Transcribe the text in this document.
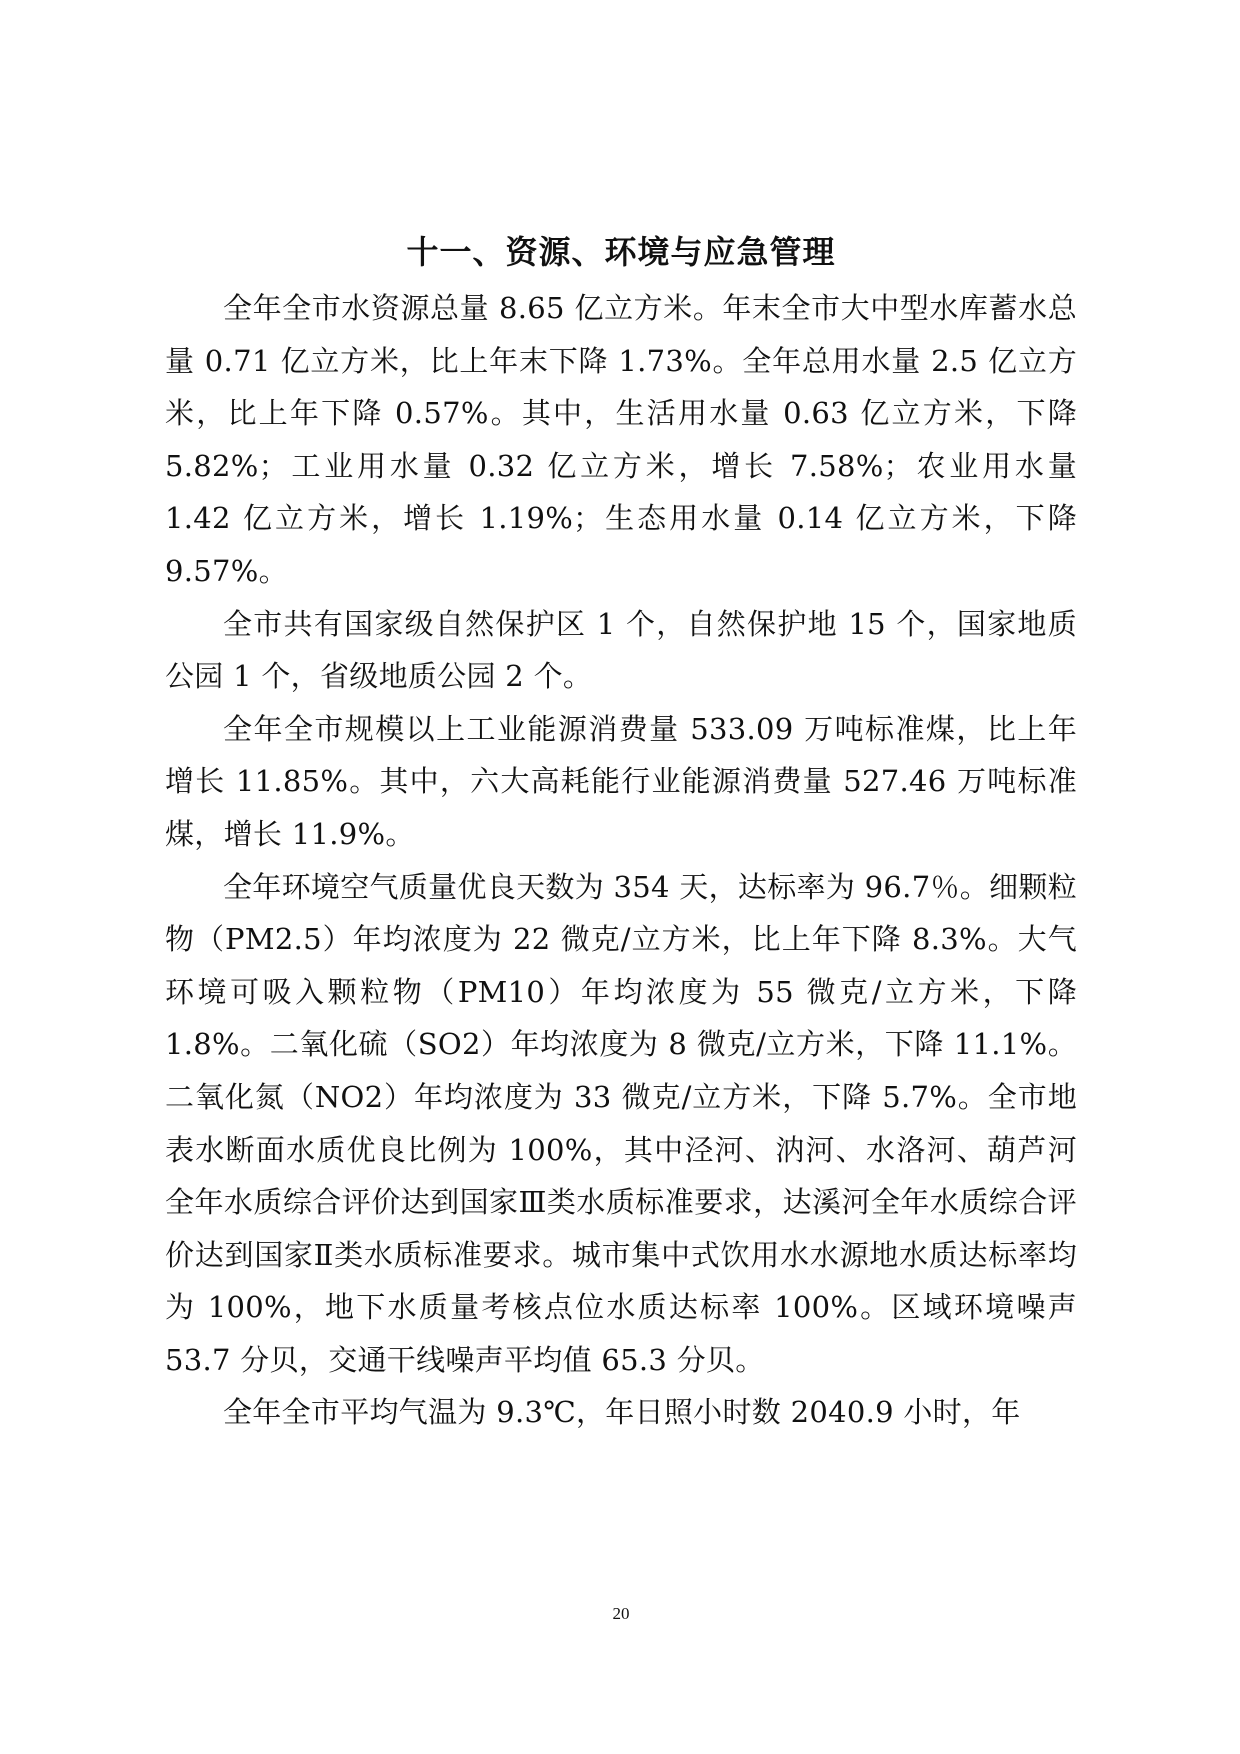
十一、资源、环境与应急管理

全年全市水资源总量 8.65 亿立方米。年末全市大中型水库蓄水总量 0.71 亿立方米，比上年末下降 1.73%。全年总用水量 2.5 亿立方米，比上年下降 0.57%。其中，生活用水量 0.63 亿立方米，下降 5.82%；工业用水量 0.32 亿立方米，增长 7.58%；农业用水量 1.42 亿立方米，增长 1.19%；生态用水量 0.14 亿立方米，下降 9.57%。

全市共有国家级自然保护区 1 个，自然保护地 15 个，国家地质公园 1 个，省级地质公园 2 个。

全年全市规模以上工业能源消费量 533.09 万吨标准煤，比上年增长 11.85%。其中，六大高耗能行业能源消费量 527.46 万吨标准煤，增长 11.9%。

全年环境空气质量优良天数为 354 天，达标率为 96.7％。细颗粒物（PM2.5）年均浓度为 22 微克/立方米，比上年下降 8.3%。大气环境可吸入颗粒物（PM10）年均浓度为 55 微克/立方米，下降 1.8%。二氧化硫（SO2）年均浓度为 8 微克/立方米，下降 11.1%。二氧化氮（NO2）年均浓度为 33 微克/立方米，下降 5.7%。全市地表水断面水质优良比例为 100%，其中泾河、汭河、水洛河、葫芦河全年水质综合评价达到国家Ⅲ类水质标准要求，达溪河全年水质综合评价达到国家Ⅱ类水质标准要求。城市集中式饮用水水源地水质达标率均为 100%，地下水质量考核点位水质达标率 100%。区域环境噪声 53.7 分贝，交通干线噪声平均值 65.3 分贝。

全年全市平均气温为 9.3℃，年日照小时数 2040.9 小时，年

20
